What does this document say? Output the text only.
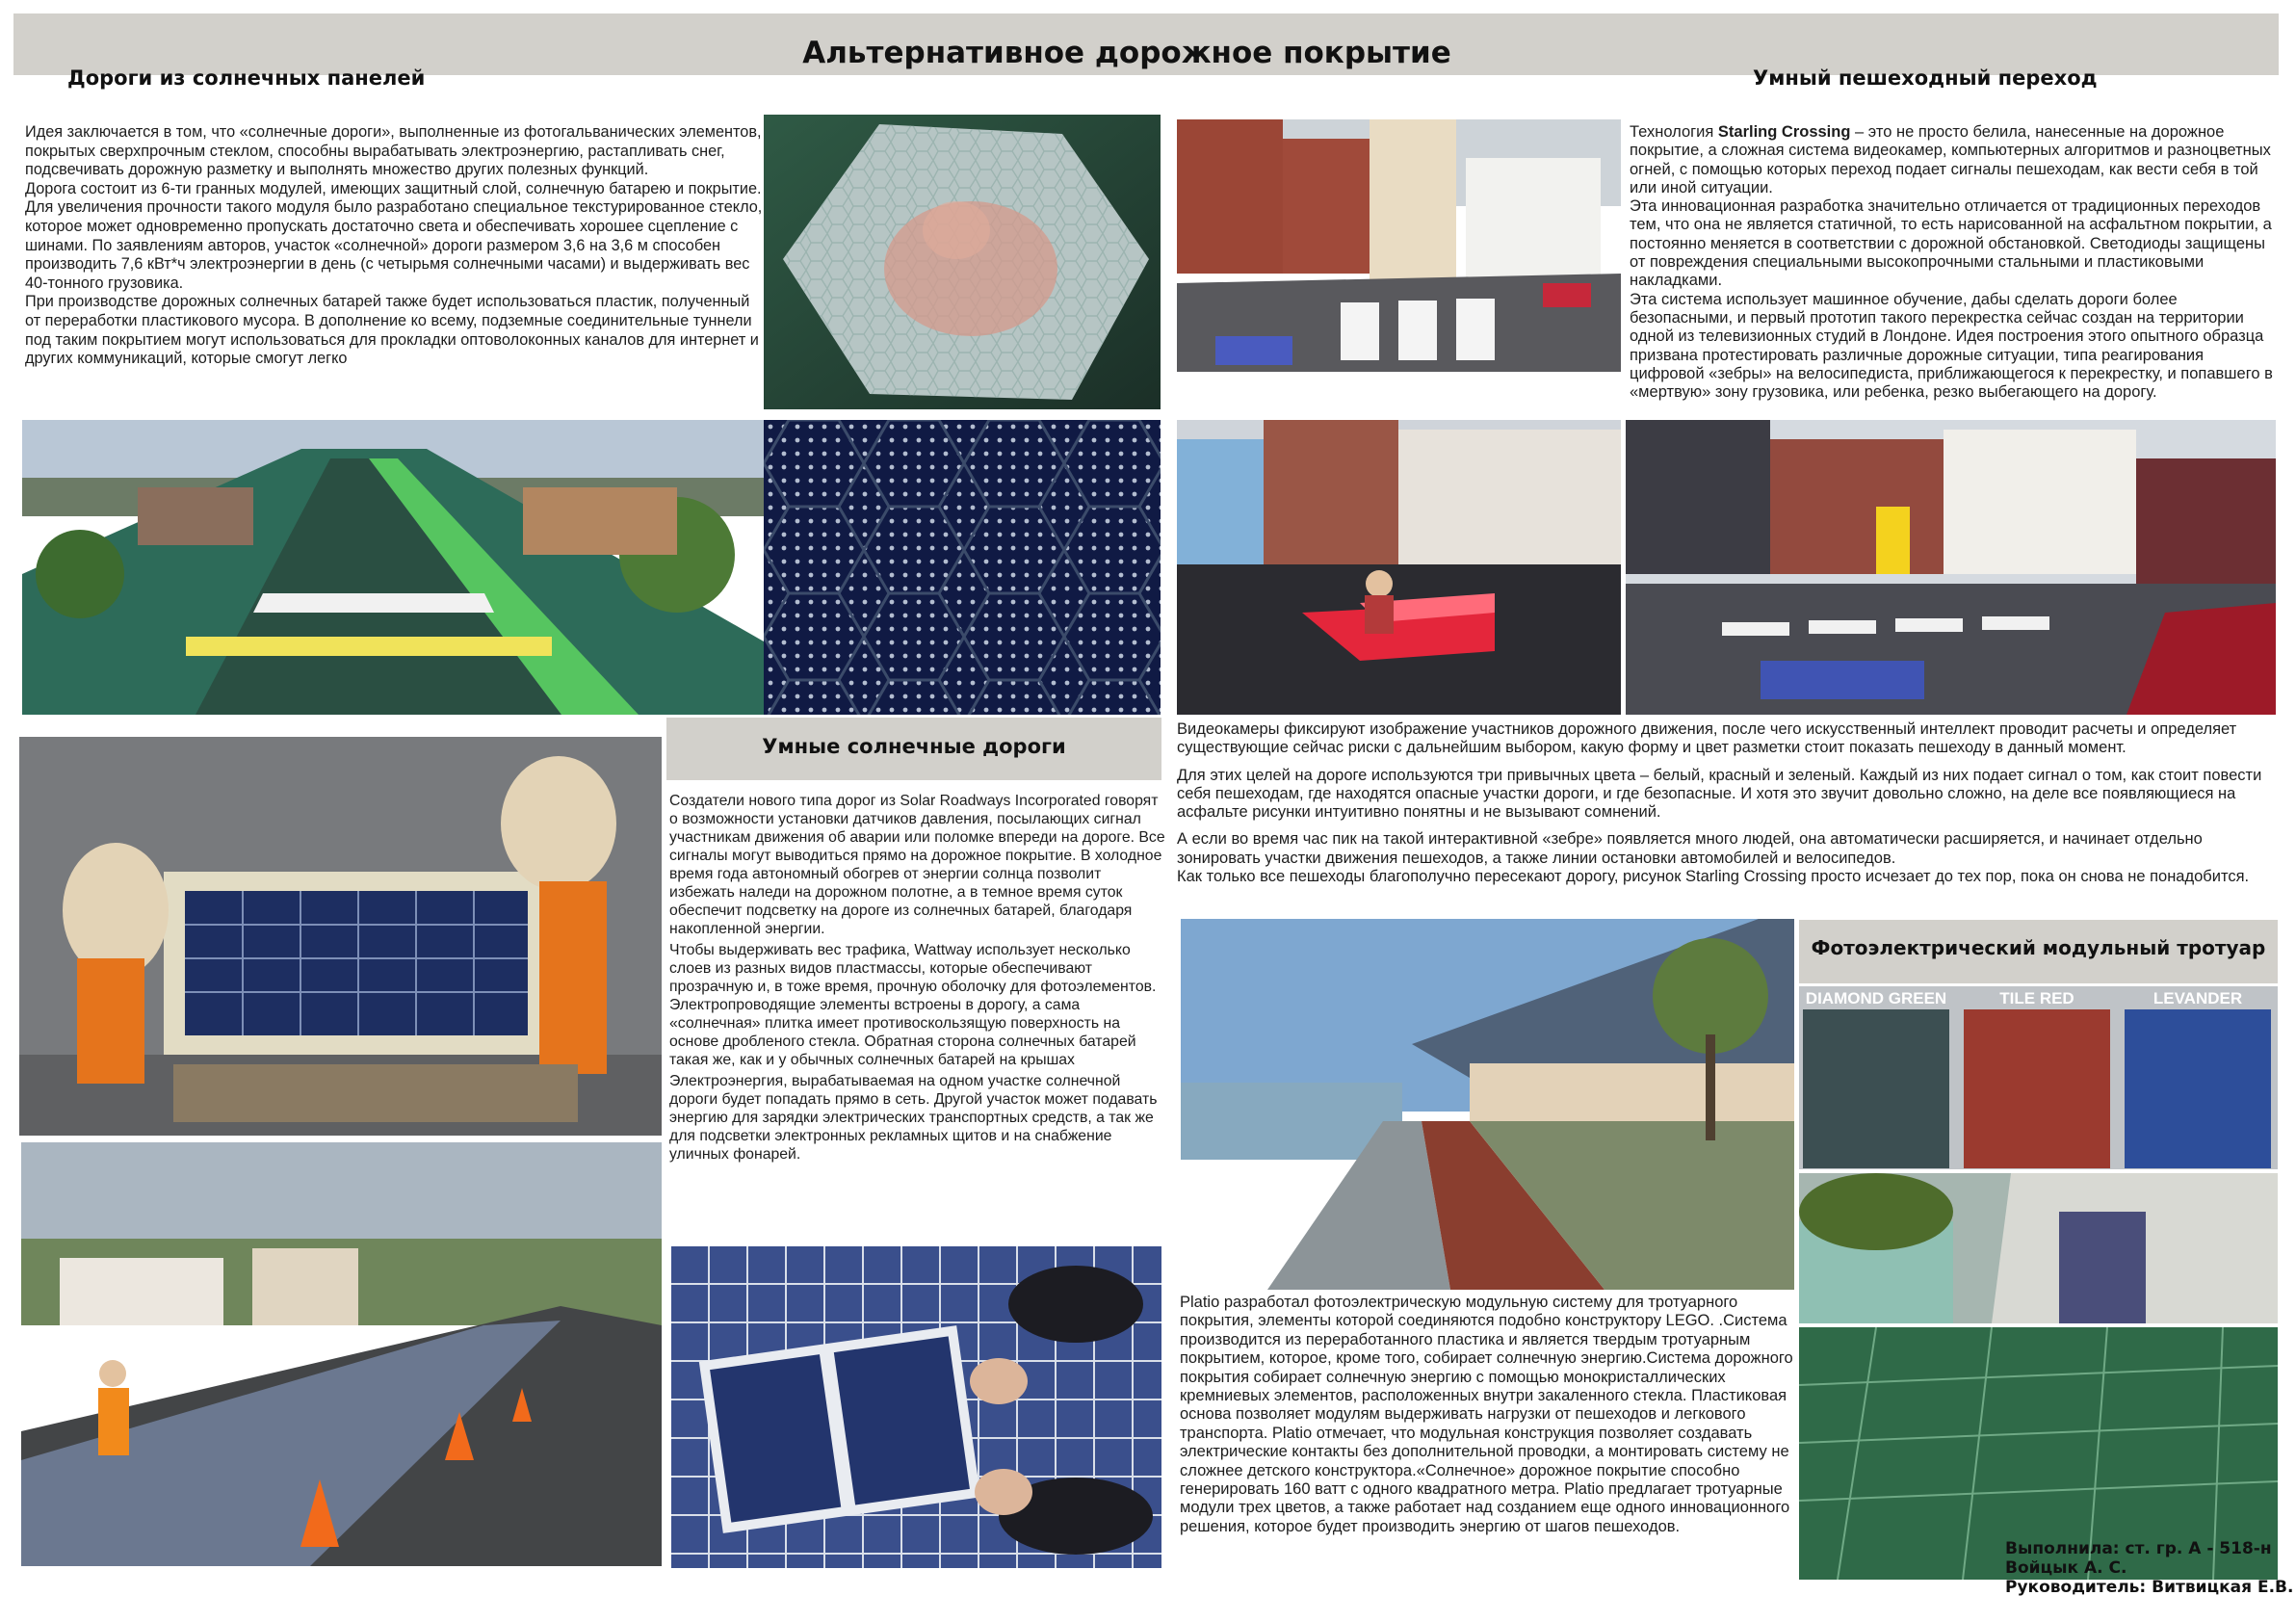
Альтернативное дорожное покрытие
Дороги из солнечных панелей	Умный пешеходный переход

Идея заключается в том, что «солнечные дороги», выполненные из фотогальванических элементов, покрытых сверхпрочным стеклом, способны вырабатывать электроэнергию, растапливать снег, подсвечивать дорожную разметку и выполнять множество других полезных функций.

Дорога состоит из 6-ти гранных модулей, имеющих защитный слой, солнечную батарею и покрытие. Для увеличения прочности такого модуля было разработано специальное текстурированное стекло, которое может одновременно пропускать достаточно света и обеспечивать хорошее сцепление с шинами. По заявлениям авторов, участок «солнечной» дороги размером 3,6 на 3,6 м способен производить 7,6 кВт*ч электроэнергии в день (с четырьмя солнечными часами) и выдерживать вес 40-тонного грузовика.

При производстве дорожных солнечных батарей также будет использоваться пластик, полученный от переработки пластикового мусора. В дополнение ко всему, подземные соединительные туннели под таким покрытием могут использоваться для прокладки оптоволоконных каналов для интернет и других коммуникаций, которые смогут легко

Умные солнечные дороги

Создатели нового типа дорог из Solar Roadways Incorporated говорят о возможности установки датчиков давления, посылающих сигнал участникам движения об аварии или поломке впереди на дороге. Все сигналы могут выводиться прямо на дорожное покрытие. В холодное время года автономный обогрев от энергии солнца позволит избежать наледи на дорожном полотне, а в темное время суток обеспечит подсветку на дороге из солнечных батарей, благодаря накопленной энергии.

Чтобы выдерживать вес трафика, Wattway использует несколько слоев из разных видов пластмассы, которые обеспечивают прозрачную и, в тоже время, прочную оболочку для фотоэлементов. Электропроводящие элементы встроены в дорогу, а сама «солнечная» плитка имеет противоскользящую поверхность на основе дробленого стекла. Обратная сторона солнечных батарей такая же, как и у обычных солнечных батарей на крышах

Электроэнергия, вырабатываемая на одном участке солнечной дороги будет попадать прямо в сеть. Другой участок может подавать энергию для зарядки электрических транспортных средств, а так же для подсветки электронных рекламных щитов и на снабжение уличных фонарей.

Технология Starling Crossing – это не просто белила, нанесенные на дорожное покрытие, а сложная система видеокамер, компьютерных алгоритмов и разноцветных огней, с помощью которых переход подает сигналы пешеходам, как вести себя в той или иной ситуации.

Эта инновационная разработка значительно отличается от традиционных переходов тем, что она не является статичной, то есть нарисованной на асфальтном покрытии, а постоянно меняется в соответствии с дорожной обстановкой. Светодиоды защищены от повреждения специальными высокопрочными стальными и пластиковыми накладками.

Эта система использует машинное обучение, дабы сделать дороги более безопасными, и первый прототип такого перекрестка сейчас создан на территории одной из телевизионных студий в Лондоне. Идея построения этого опытного образца призвана протестировать различные дорожные ситуации, типа реагирования цифровой «зебры» на велосипедиста, приближающегося к перекрестку, и попавшего в «мертвую» зону грузовика, или ребенка, резко выбегающего на дорогу.

Видеокамеры фиксируют изображение участников дорожного движения, после чего искусственный интеллект проводит расчеты и определяет существующие сейчас риски с дальнейшим выбором, какую форму и цвет разметки стоит показать пешеходу в данный момент.

Для этих целей на дороге используются три привычных цвета – белый, красный и зеленый. Каждый из них подает сигнал о том, как стоит повести себя пешеходам, где находятся опасные участки дороги, и где безопасные. И хотя это звучит довольно сложно, на деле все появляющиеся на асфальте рисунки интуитивно понятны и не вызывают сомнений.

А если во время час пик на такой интерактивной «зебре» появляется много людей, она автоматически расширяется, и начинает отдельно зонировать участки движения пешеходов, а также линии остановки автомобилей и велосипедов.

Как только все пешеходы благополучно пересекают дорогу, рисунок Starling Crossing просто исчезает до тех пор, пока он снова не понадобится.

Фотоэлектрический модульный тротуар
DIAMOND GREEN	TILE RED	LEVANDER
Platio разработал фотоэлектрическую модульную систему для тротуарного покрытия, элементы которой соединяются подобно конструктору LEGO. .Система производится из переработанного пластика и является твердым тротуарным покрытием, которое, кроме того, собирает солнечную энергию.Система дорожного покрытия собирает солнечную энергию с помощью монокристаллических кремниевых элементов, расположенных внутри закаленного стекла. Пластиковая основа позволяет модулям выдерживать нагрузки от пешеходов и легкового транспорта. Platio отмечает, что модульная конструкция позволяет создавать электрические контакты без дополнительной проводки, а монтировать систему не сложнее детского конструктора.«Солнечное» дорожное покрытие способно генерировать 160 ватт с одного квадратного метра. Platio предлагает тротуарные модули трех цветов, а также работает над созданием еще одного инновационного решения, которое будет производить энергию от шагов пешеходов.
Выполнила: ст. гр. А - 518-н
Войцык А. С.
Руководитель: Витвицкая Е.В.
